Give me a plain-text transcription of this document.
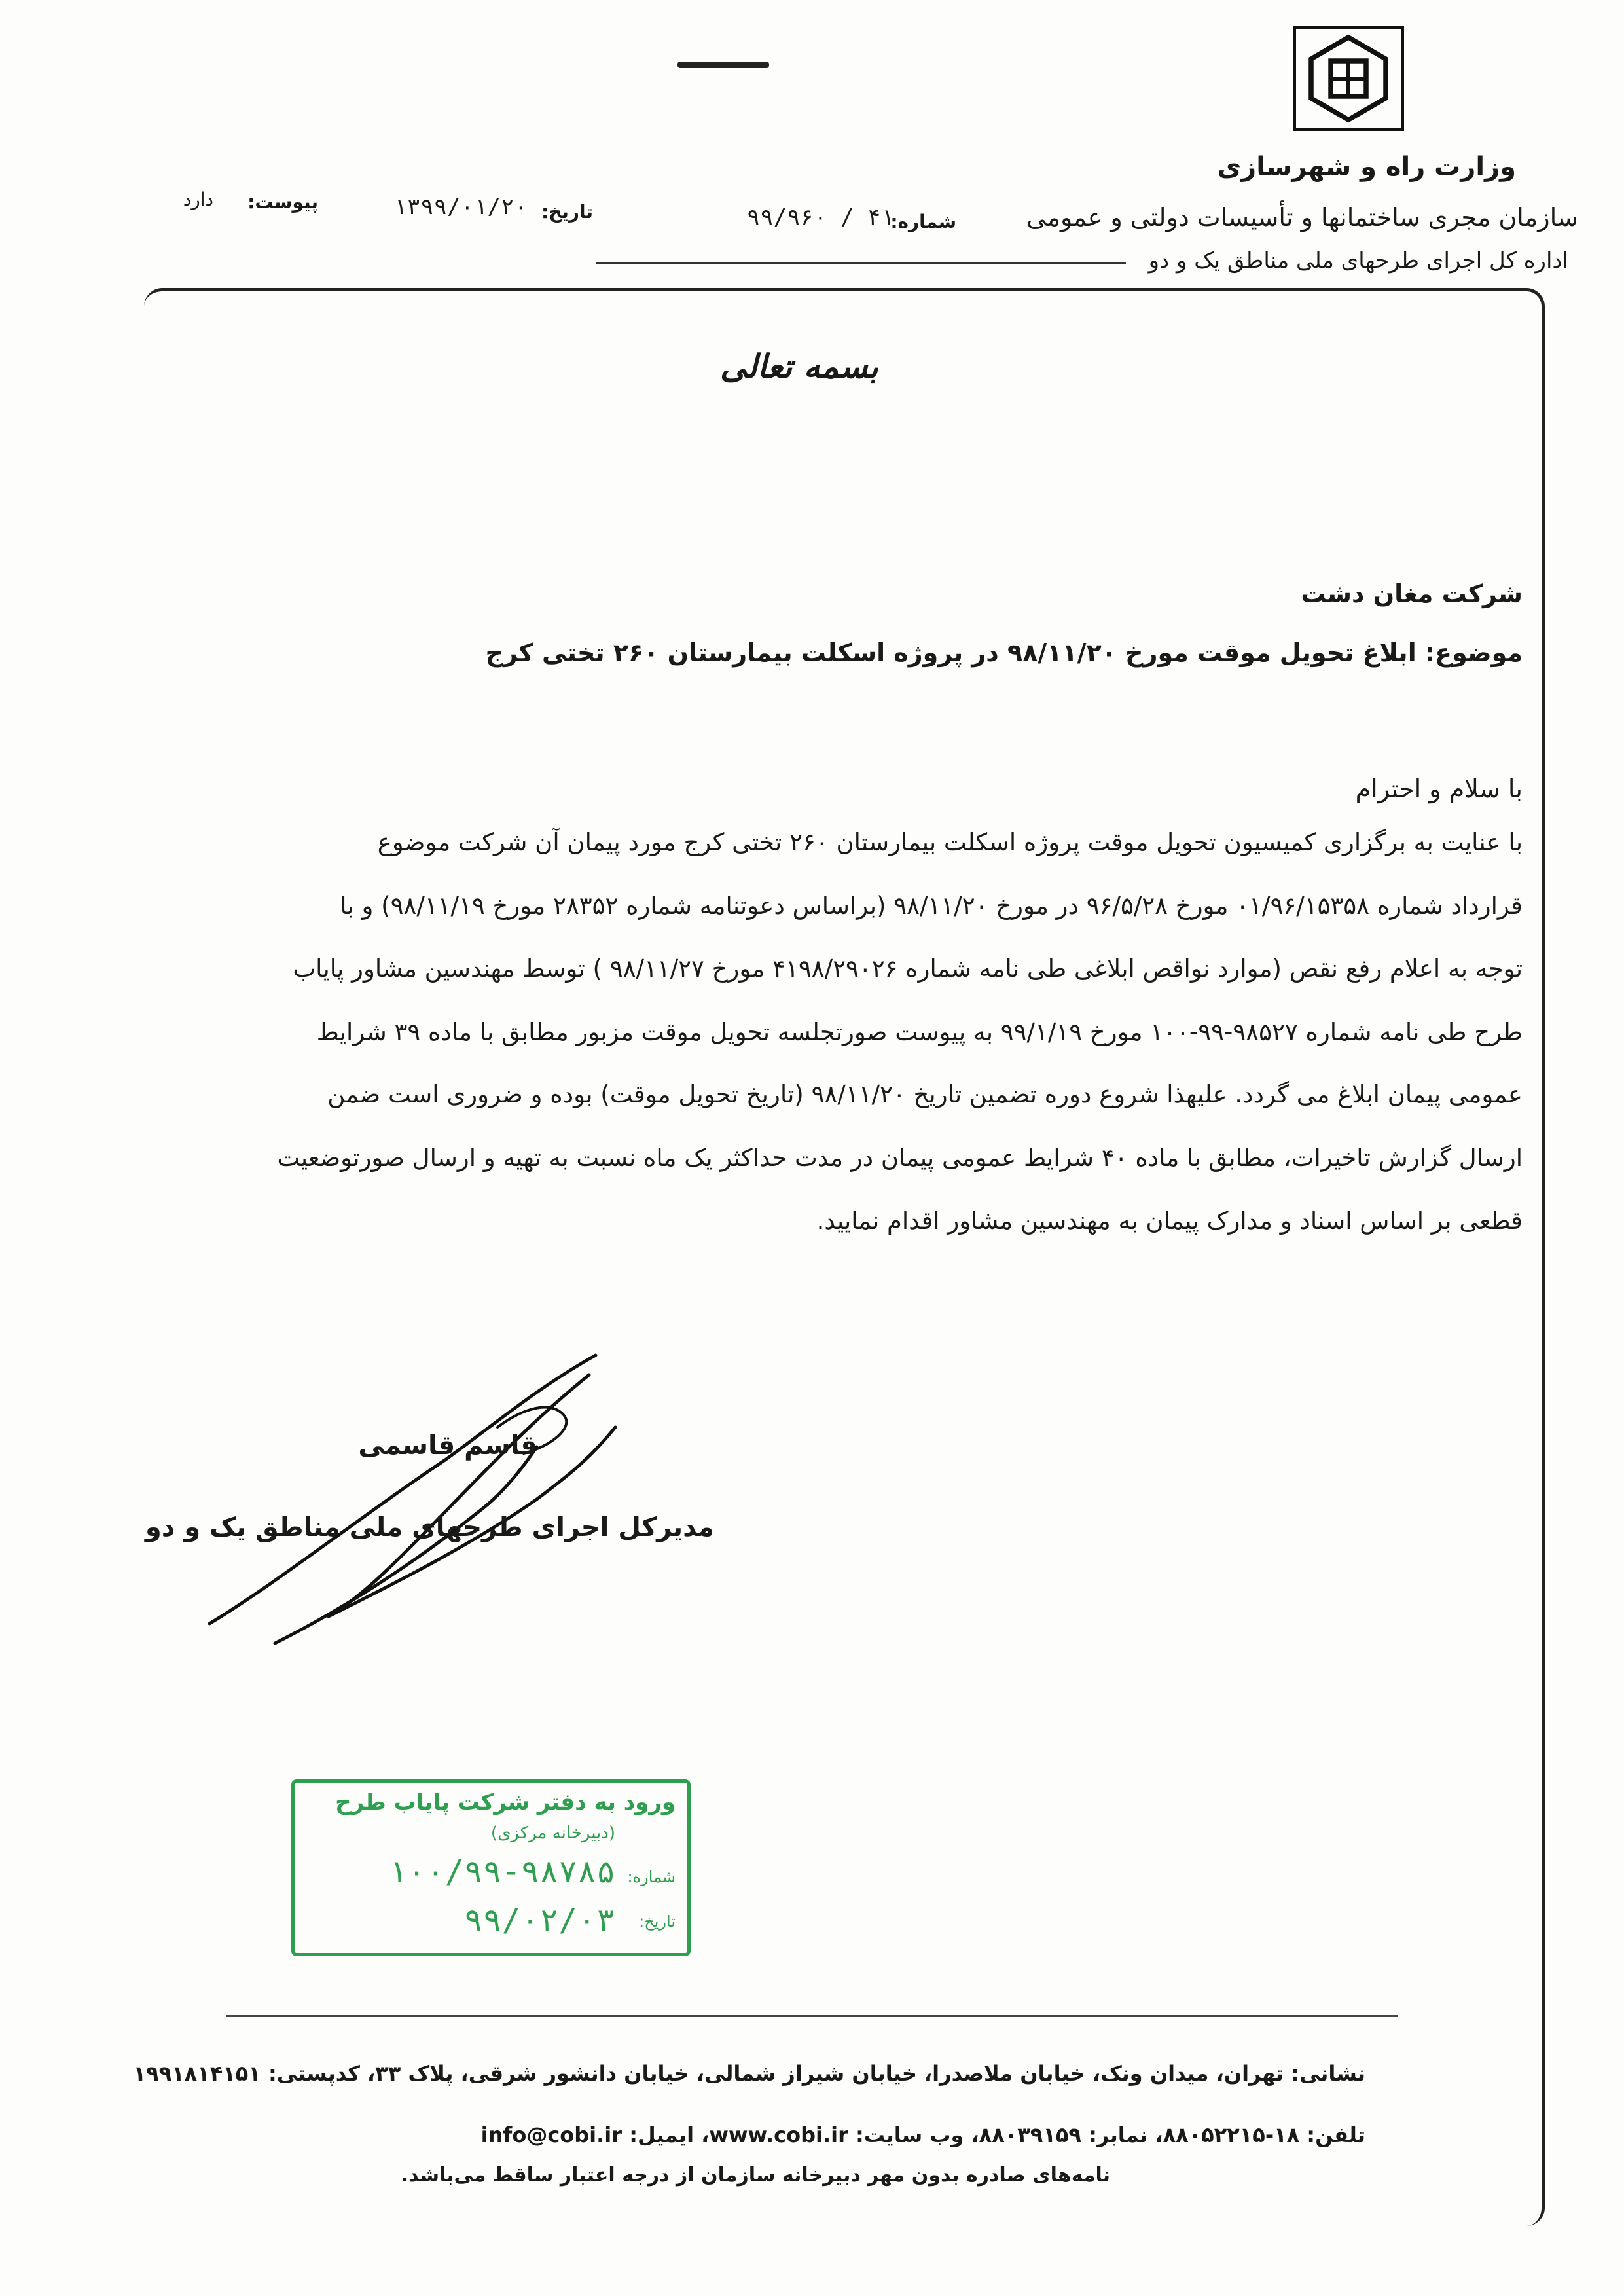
وزارت راه و شهرسازی
سازمان مجری ساختمانها و تأسیسات دولتی و عمومی
اداره کل اجرای طرحهای ملی مناطق یک و دو
شماره:
۴۱ / ۹۹/۹۶۰
تاریخ:
۱۳۹۹/۰۱/۲۰
پیوست:
دارد
بسمه تعالی
شرکت مغان دشت
موضوع: ابلاغ تحویل موقت مورخ ۹۸/۱۱/۲۰ در پروژه اسکلت بیمارستان ۲۶۰ تختی کرج
با سلام و احترام
با عنایت به برگزاری کمیسیون تحویل موقت پروژه اسکلت بیمارستان ۲۶۰ تختی کرج مورد پیمان آن شرکت موضوع
قرارداد شماره ۰۱/۹۶/۱۵۳۵۸ مورخ ۹۶/۵/۲۸ در مورخ ۹۸/۱۱/۲۰ (براساس دعوتنامه شماره ۲۸۳۵۲ مورخ ۹۸/۱۱/۱۹) و با
توجه به اعلام رفع نقص (موارد نواقص ابلاغی طی نامه شماره ۴۱۹۸/۲۹۰۲۶ مورخ ۹۸/۱۱/۲۷ ) توسط مهندسین مشاور پایاب
طرح طی نامه شماره ۹۸۵۲۷-۹۹-۱۰۰ مورخ ۹۹/۱/۱۹ به پیوست صورتجلسه تحویل موقت مزبور مطابق با ماده ۳۹ شرایط
عمومی پیمان ابلاغ می گردد. علیهذا شروع دوره تضمین تاریخ ۹۸/۱۱/۲۰ (تاریخ تحویل موقت) بوده و ضروری است ضمن
ارسال گزارش تاخیرات، مطابق با ماده ۴۰ شرایط عمومی پیمان در مدت حداکثر یک ماه نسبت به تهیه و ارسال صورتوضعیت
قطعی بر اساس اسناد و مدارک پیمان به مهندسین مشاور اقدام نمایید.
قاسم قاسمی
مدیرکل اجرای طرحهای ملی مناطق یک و دو
ورود به دفتر شرکت پایاب طرح
(دبیرخانه مرکزی)
شماره:
۱۰۰/۹۹-۹۸۷۸۵
تاریخ:
۹۹/۰۲/۰۳
نشانی: تهران، میدان ونک، خیابان ملاصدرا، خیابان شیراز شمالی، خیابان دانشور شرقی، پلاک ۳۳، کدپستی: ۱۹۹۱۸۱۴۱۵۱
تلفن: ۱۸-۸۸۰۵۲۲۱۵، نمابر: ۸۸۰۳۹۱۵۹، وب سایت: www.cobi.ir، ایمیل: info@cobi.ir
نامه‌های صادره بدون مهر دبیرخانه سازمان از درجه اعتبار ساقط می‌باشد.
